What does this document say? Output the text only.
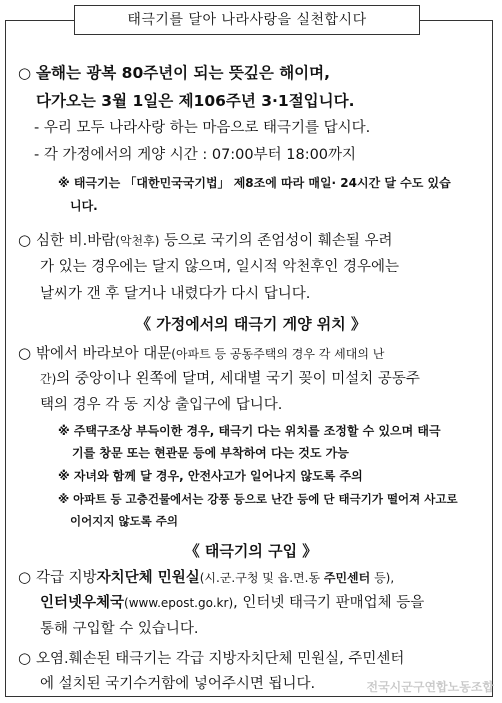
태극기를 달아 나라사랑을 실천합시다
○ 올해는 광복 80주년이 되는 뜻깊은 해이며,
다가오는 3월 1일은 제106주년 3·1절입니다.
- 우리 모두 나라사랑 하는 마음으로 태극기를 답시다.
- 각 가정에서의 게양 시간 : 07:00부터 18:00까지
※ 태극기는 「대한민국국기법」 제8조에 따라 매일· 24시간 달 수도 있습
니다.
○ 심한 비.바람(악천후) 등으로 국기의 존엄성이 훼손될 우려
가 있는 경우에는 달지 않으며, 일시적 악천후인 경우에는
날씨가 갠 후 달거나 내렸다가 다시 답니다.
《 가정에서의 태극기 게양 위치 》
○ 밖에서 바라보아 대문(아파트 등 공동주택의 경우 각 세대의 난
간)의 중앙이나 왼쪽에 달며, 세대별 국기 꽂이 미설치 공동주
택의 경우 각 동 지상 출입구에 답니다.
※ 주택구조상 부득이한 경우, 태극기 다는 위치를 조정할 수 있으며 태극
기를 창문 또는 현관문 등에 부착하여 다는 것도 가능
※ 자녀와 함께 달 경우, 안전사고가 일어나지 않도록 주의
※ 아파트 등 고층건물에서는 강풍 등으로 난간 등에 단 태극기가 떨어져 사고로
이어지지 않도록 주의
《 태극기의 구입 》
○ 각급 지방자치단체 민원실(시.군.구청 및 읍.면.동 주민센터 등),
인터넷우체국(www.epost.go.kr), 인터넷 태극기 판매업체 등을
통해 구입할 수 있습니다.
○ 오염.훼손된 태극기는 각급 지방자치단체 민원실, 주민센터
에 설치된 국기수거함에 넣어주시면 됩니다.	전국시군구연합노동조합
